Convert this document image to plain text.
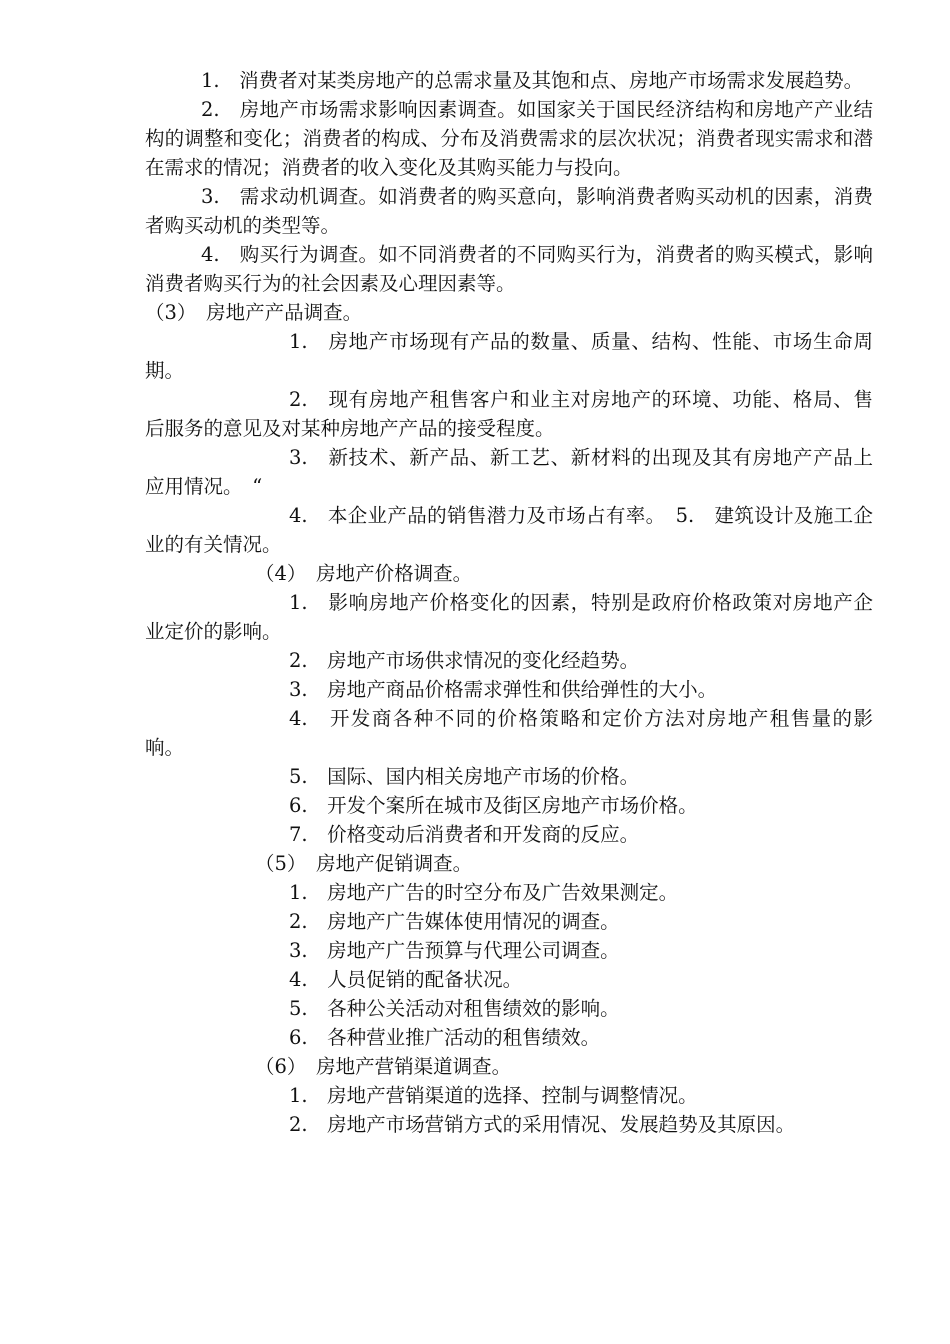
1.　消费者对某类房地产的总需求量及其饱和点、房地产市场需求发展趋势。

2.　房地产市场需求影响因素调查。如国家关于国民经济结构和房地产产业结构的调整和变化；消费者的构成、分布及消费需求的层次状况；消费者现实需求和潜在需求的情况；消费者的收入变化及其购买能力与投向。

3.　需求动机调查。如消费者的购买意向，影响消费者购买动机的因素，消费者购买动机的类型等。

4.　购买行为调查。如不同消费者的不同购买行为，消费者的购买模式，影响消费者购买行为的社会因素及心理因素等。

（3）　房地产产品调查。

1.　房地产市场现有产品的数量、质量、结构、性能、市场生命周期。

2.　现有房地产租售客户和业主对房地产的环境、功能、格局、售后服务的意见及对某种房地产产品的接受程度。

3.　新技术、新产品、新工艺、新材料的出现及其有房地产产品上应用情况。　“

4.　本企业产品的销售潜力及市场占有率。　5.　建筑设计及施工企业的有关情况。

（4）　房地产价格调查。

1.　影响房地产价格变化的因素，特别是政府价格政策对房地产企业定价的影响。

2.　房地产市场供求情况的变化经趋势。

3.　房地产商品价格需求弹性和供给弹性的大小。

4.　开发商各种不同的价格策略和定价方法对房地产租售量的影响。

5.　国际、国内相关房地产市场的价格。

6.　开发个案所在城市及街区房地产市场价格。

7.　价格变动后消费者和开发商的反应。

（5）　房地产促销调查。

1.　房地产广告的时空分布及广告效果测定。

2.　房地产广告媒体使用情况的调查。

3.　房地产广告预算与代理公司调查。

4.　人员促销的配备状况。

5.　各种公关活动对租售绩效的影响。

6.　各种营业推广活动的租售绩效。

（6）　房地产营销渠道调查。

1.　房地产营销渠道的选择、控制与调整情况。

2.　房地产市场营销方式的采用情况、发展趋势及其原因。
